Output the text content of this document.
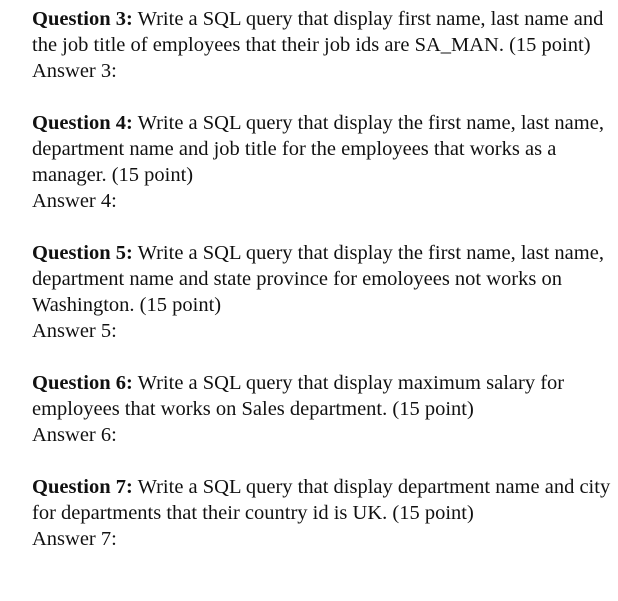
Question 3: Write a SQL query that display first name, last name and the job title of employees that their job ids are SA_MAN. (15 point)

Answer 3:

Question 4: Write a SQL query that display the first name, last name, department name and job title for the employees that works as a manager. (15 point)

Answer 4:

Question 5: Write a SQL query that display the first name, last name, department name and state province for emoloyees not works on Washington. (15 point)

Answer 5:

Question 6: Write a SQL query that display maximum salary for employees that works on Sales department. (15 point)

Answer 6:

Question 7: Write a SQL query that display department name and city for departments that their country id is UK. (15 point)

Answer 7:
